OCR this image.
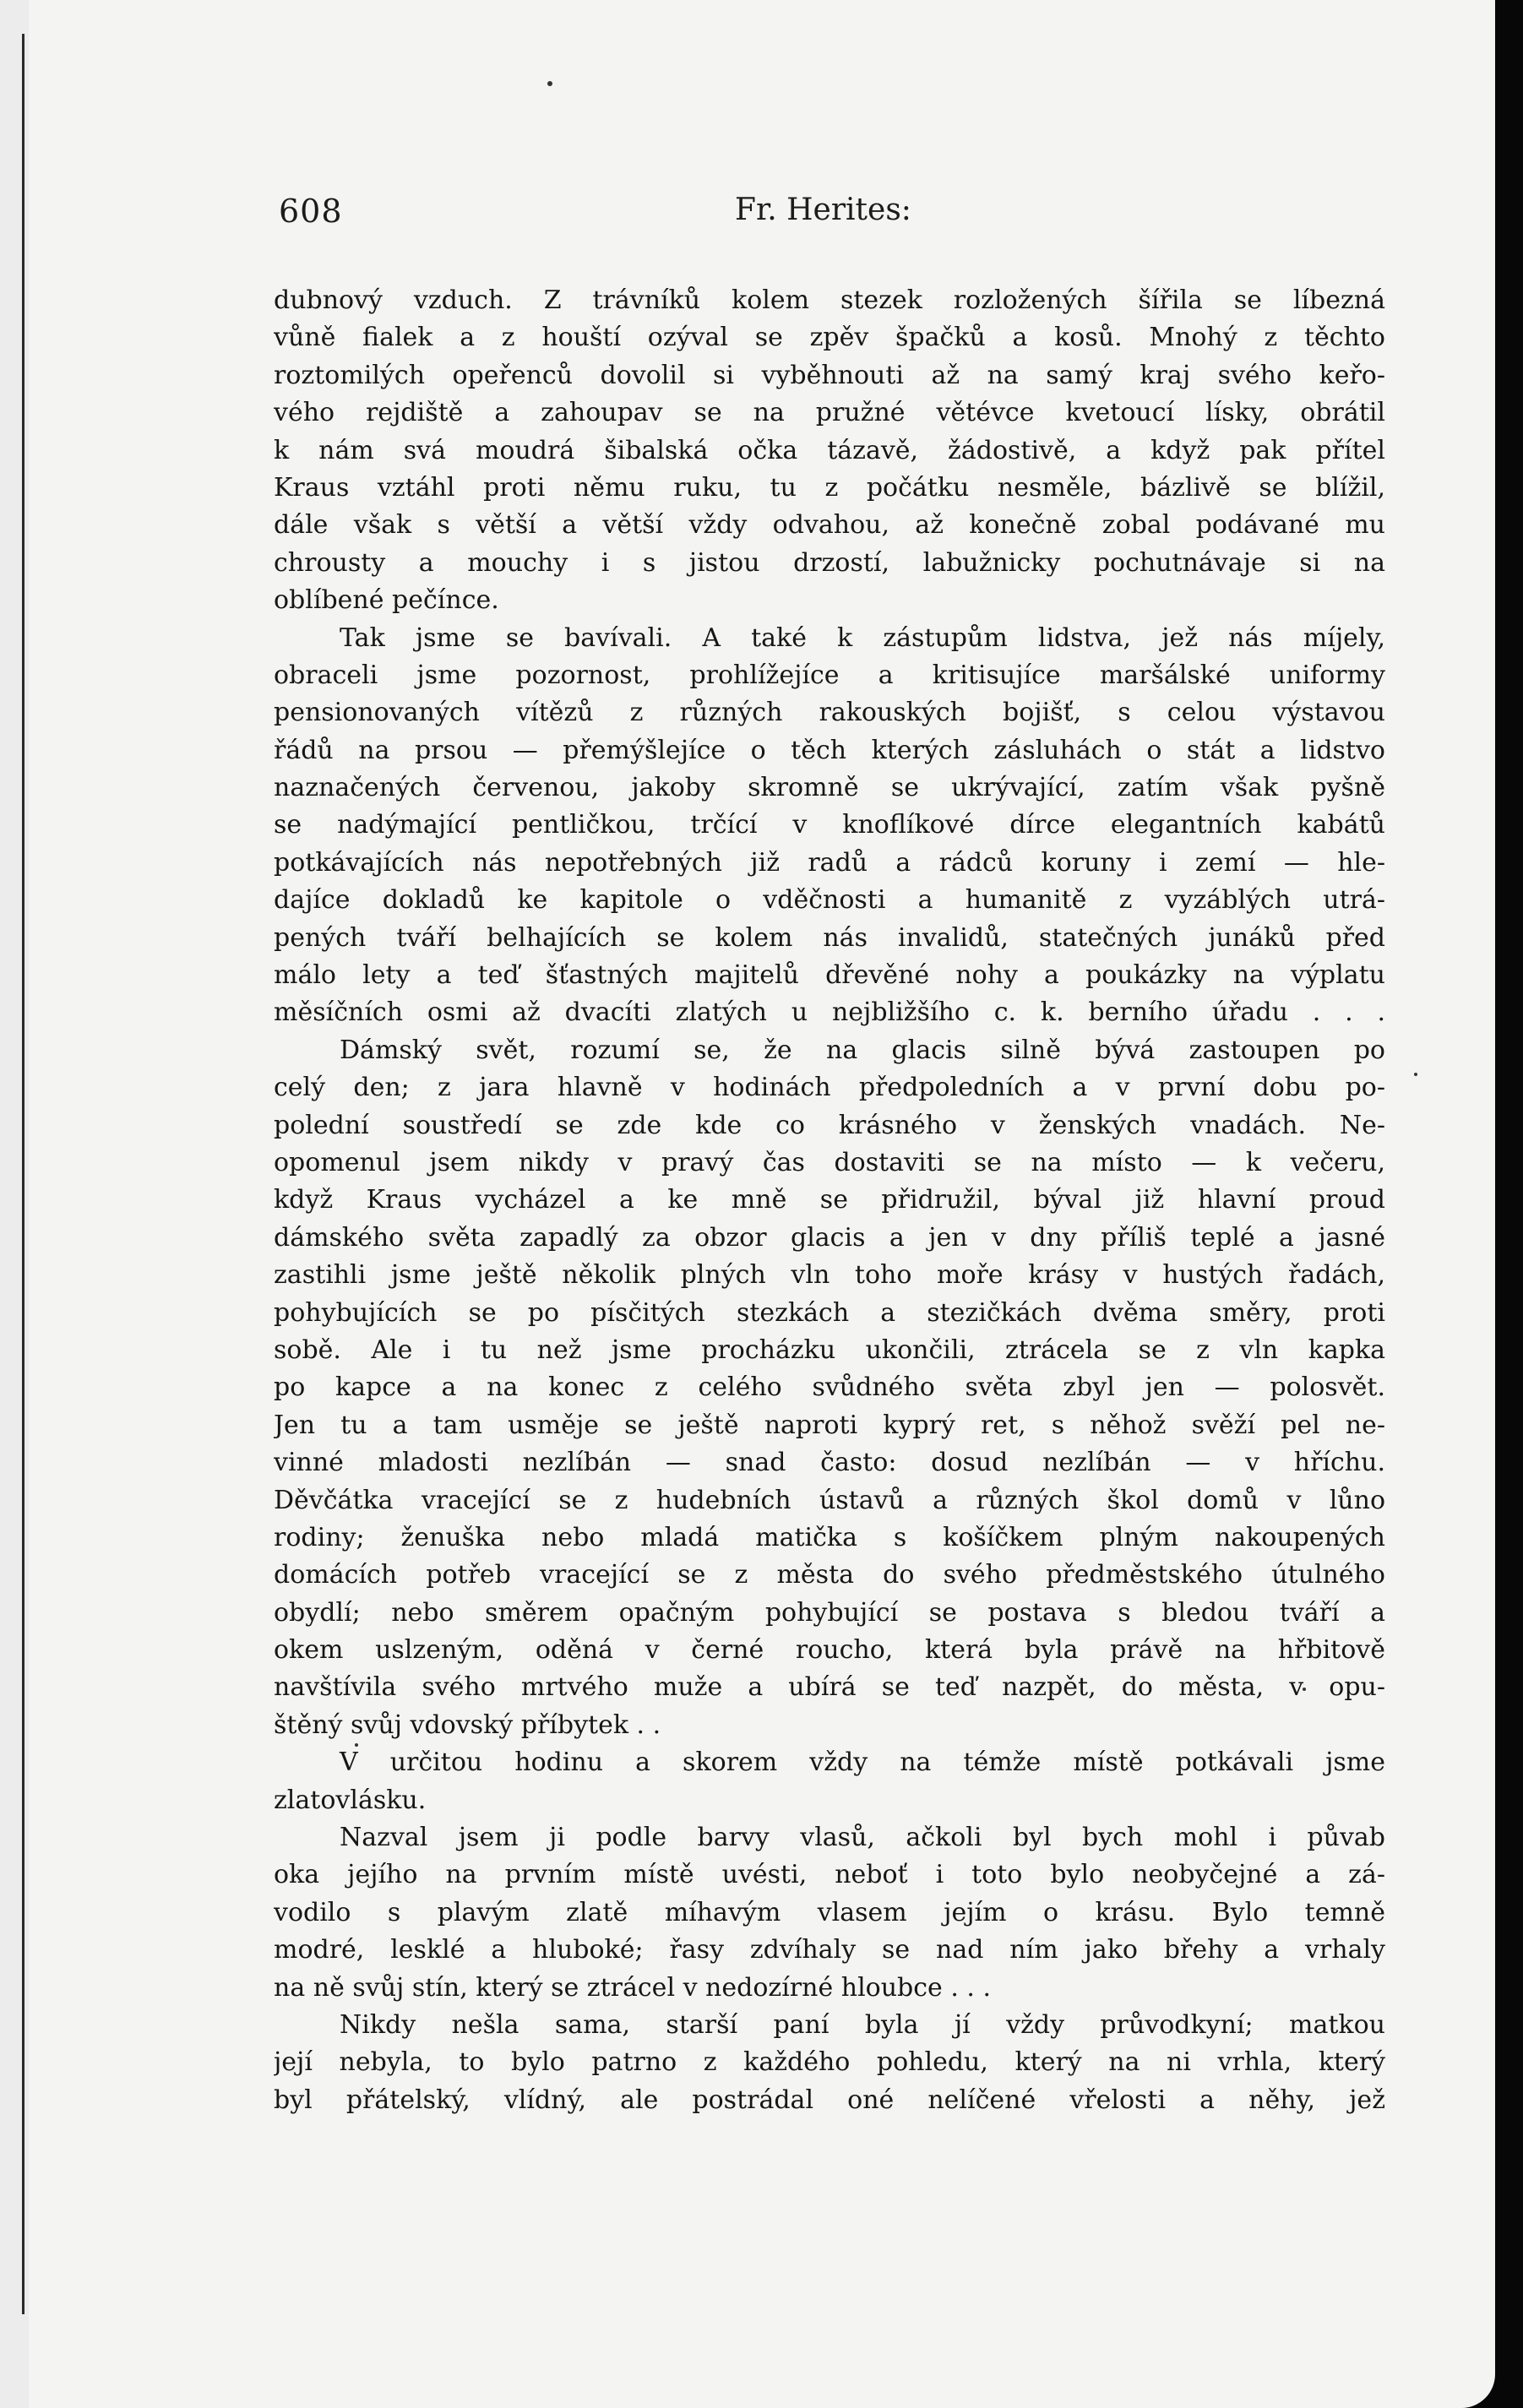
608	Fr. Herites:
dubnový vzduch. Z trávníků kolem stezek rozložených šířila se líbezná
vůně fialek a z houští ozýval se zpěv špačků a kosů. Mnohý z těchto
roztomilých opeřenců dovolil si vyběhnouti až na samý kraj svého keřo-
vého rejdiště a zahoupav se na pružné větévce kvetoucí lísky, obrátil
k nám svá moudrá šibalská očka tázavě, žádostivě, a když pak přítel
Kraus vztáhl proti němu ruku, tu z počátku nesměle, bázlivě se blížil,
dále však s větší a větší vždy odvahou, až konečně zobal podávané mu
chrousty a mouchy i s jistou drzostí, labužnicky pochutnávaje si na
oblíbené pečínce.
Tak jsme se bavívali. A také k zástupům lidstva, jež nás míjely,
obraceli jsme pozornost, prohlížejíce a kritisujíce maršálské uniformy
pensionovaných vítězů z různých rakouských bojišť, s celou výstavou
řádů na prsou — přemýšlejíce o těch kterých zásluhách o stát a lidstvo
naznačených červenou, jakoby skromně se ukrývající, zatím však pyšně
se nadýmající pentličkou, trčící v knoflíkové dírce elegantních kabátů
potkávajících nás nepotřebných již radů a rádců koruny i zemí — hle-
dajíce dokladů ke kapitole o vděčnosti a humanitě z vyzáblých utrá-
pených tváří belhajících se kolem nás invalidů, statečných junáků před
málo lety a teď šťastných majitelů dřevěné nohy a poukázky na výplatu
měsíčních osmi až dvacíti zlatých u nejbližšího c. k. berního úřadu . . .
Dámský svět, rozumí se, že na glacis silně bývá zastoupen po
celý den; z jara hlavně v hodinách předpoledních a v první dobu po-
polední soustředí se zde kde co krásného v ženských vnadách. Ne-
opomenul jsem nikdy v pravý čas dostaviti se na místo — k večeru,
když Kraus vycházel a ke mně se přidružil, býval již hlavní proud
dámského světa zapadlý za obzor glacis a jen v dny příliš teplé a jasné
zastihli jsme ještě několik plných vln toho moře krásy v hustých řadách,
pohybujících se po písčitých stezkách a stezičkách dvěma směry, proti
sobě. Ale i tu než jsme procházku ukončili, ztrácela se z vln kapka
po kapce a na konec z celého svůdného světa zbyl jen — polosvět.
Jen tu a tam usměje se ještě naproti kyprý ret, s něhož svěží pel ne-
vinné mladosti nezlíbán — snad často: dosud nezlíbán — v hříchu.
Děvčátka vracející se z hudebních ústavů a různých škol domů v lůno
rodiny; ženuška nebo mladá matička s košíčkem plným nakoupených
domácích potřeb vracející se z města do svého předměstského útulného
obydlí; nebo směrem opačným pohybující se postava s bledou tváří a
okem uslzeným, oděná v černé roucho, která byla právě na hřbitově
navštívila svého mrtvého muže a ubírá se teď nazpět, do města, v opu-
štěný svůj vdovský příbytek . .
V určitou hodinu a skorem vždy na témže místě potkávali jsme
zlatovlásku.
Nazval jsem ji podle barvy vlasů, ačkoli byl bych mohl i půvab
oka jejího na prvním místě uvésti, neboť i toto bylo neobyčejné a zá-
vodilo s plavým zlatě míhavým vlasem jejím o krásu. Bylo temně
modré, lesklé a hluboké; řasy zdvíhaly se nad ním jako břehy a vrhaly
na ně svůj stín, který se ztrácel v nedozírné hloubce . . .
Nikdy nešla sama, starší paní byla jí vždy průvodkyní; matkou
její nebyla, to bylo patrno z každého pohledu, který na ni vrhla, který
byl přátelský, vlídný, ale postrádal oné nelíčené vřelosti a něhy, jež
